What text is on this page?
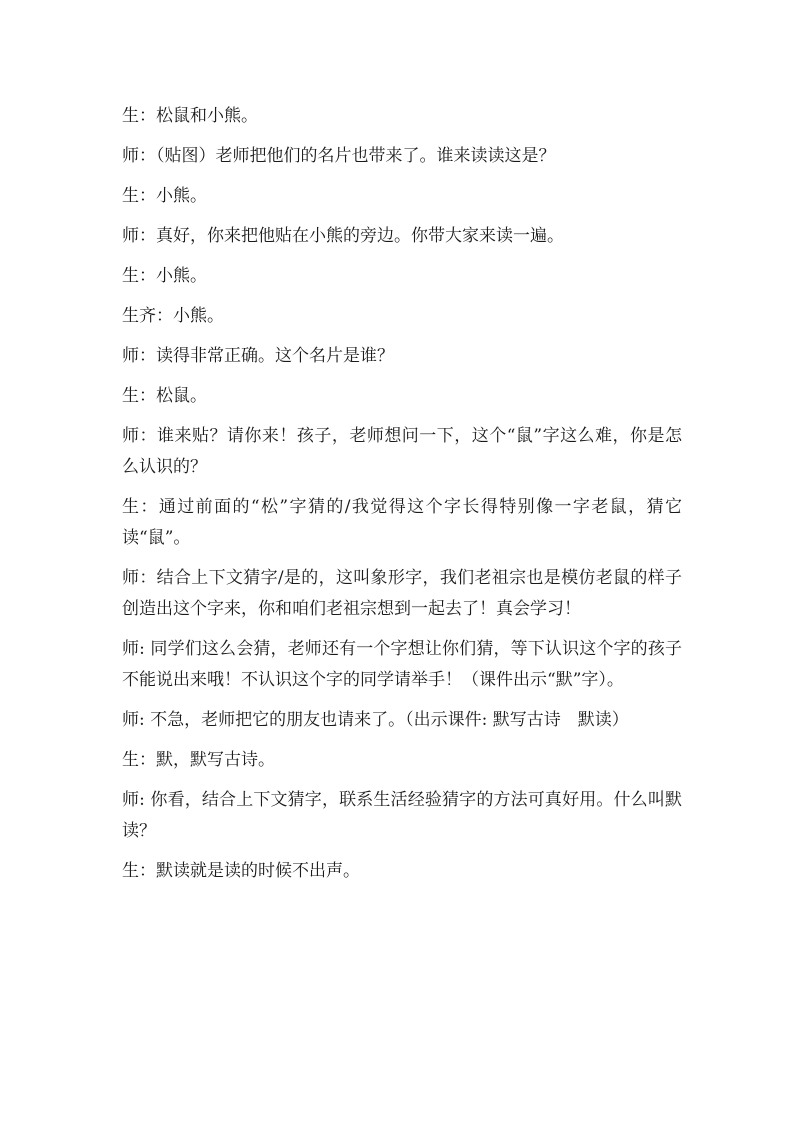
生：松鼠和小熊。

师：（贴图）老师把他们的名片也带来了。谁来读读这是？

生：小熊。

师：真好，你来把他贴在小熊的旁边。你带大家来读一遍。

生：小熊。

生齐：小熊。

师：读得非常正确。这个名片是谁？

生：松鼠。

师：谁来贴？请你来！孩子，老师想问一下，这个“鼠”字这么难，你是怎么认识的？

生：通过前面的“松”字猜的/我觉得这个字长得特别像一字老鼠，猜它读“鼠”。

师：结合上下文猜字/是的，这叫象形字，我们老祖宗也是模仿老鼠的样子创造出这个字来，你和咱们老祖宗想到一起去了！真会学习！

师: 同学们这么会猜，老师还有一个字想让你们猜，等下认识这个字的孩子不能说出来哦！不认识这个字的同学请举手！（课件出示“默”字）。

师: 不急，老师把它的朋友也请来了。（出示课件: 默写古诗　默读）

生：默，默写古诗。

师: 你看，结合上下文猜字，联系生活经验猜字的方法可真好用。什么叫默读？

生：默读就是读的时候不出声。
